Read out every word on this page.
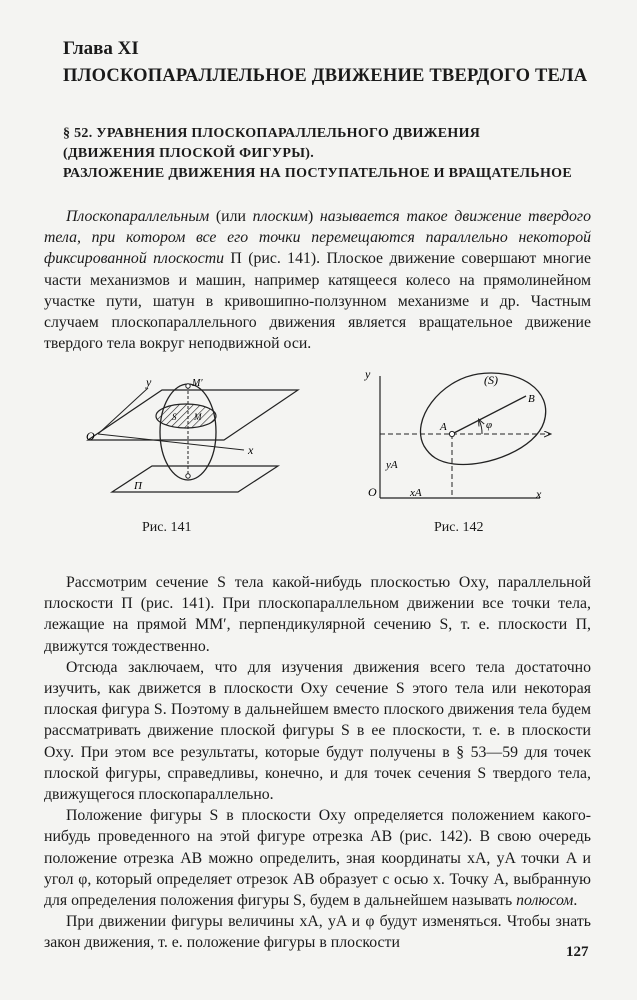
Глава XI
ПЛОСКОПАРАЛЛЕЛЬНОЕ ДВИЖЕНИЕ ТВЕРДОГО ТЕЛА
§ 52. УРАВНЕНИЯ ПЛОСКОПАРАЛЛЕЛЬНОГО ДВИЖЕНИЯ
(ДВИЖЕНИЯ ПЛОСКОЙ ФИГУРЫ).
РАЗЛОЖЕНИЕ ДВИЖЕНИЯ НА ПОСТУПАТЕЛЬНОЕ И ВРАЩАТЕЛЬНОЕ

Плоскопараллельным (или плоским) называется такое движение твердого тела, при котором все его точки перемещаются параллельно некоторой фиксированной плоскости Π (рис. 141). Плоское движение совершают многие части механизмов и машин, например катящееся колесо на прямолинейном участке пути, шатун в кривошипно-ползунном механизме и др. Частным случаем плоскопараллельного движения является вращательное движение твердого тела вокруг неподвижной оси.

y
O
x
M′
S M
П
Рис. 141
y
O	x
(S)
A
B
φ
yA
xA
Рис. 142

Рассмотрим сечение S тела какой-нибудь плоскостью Oxy, параллельной плоскости Π (рис. 141). При плоскопараллельном движении все точки тела, лежащие на прямой MM′, перпендикулярной сечению S, т. е. плоскости Π, движутся тождественно.

Отсюда заключаем, что для изучения движения всего тела достаточно изучить, как движется в плоскости Oxy сечение S этого тела или некоторая плоская фигура S. Поэтому в дальнейшем вместо плоского движения тела будем рассматривать движение плоской фигуры S в ее плоскости, т. е. в плоскости Oxy. При этом все результаты, которые будут получены в § 53—59 для точек плоской фигуры, справедливы, конечно, и для точек сечения S твердого тела, движущегося плоскопараллельно.

Положение фигуры S в плоскости Oxy определяется положением какого-нибудь проведенного на этой фигуре отрезка AB (рис. 142). В свою очередь положение отрезка AB можно определить, зная координаты xA, yA точки A и угол φ, который определяет отрезок AB образует с осью x. Точку A, выбранную для определения положения фигуры S, будем в дальнейшем называть полюсом.

При движении фигуры величины xA, yA и φ будут изменяться. Чтобы знать закон движения, т. е. положение фигуры в плоскости

127
